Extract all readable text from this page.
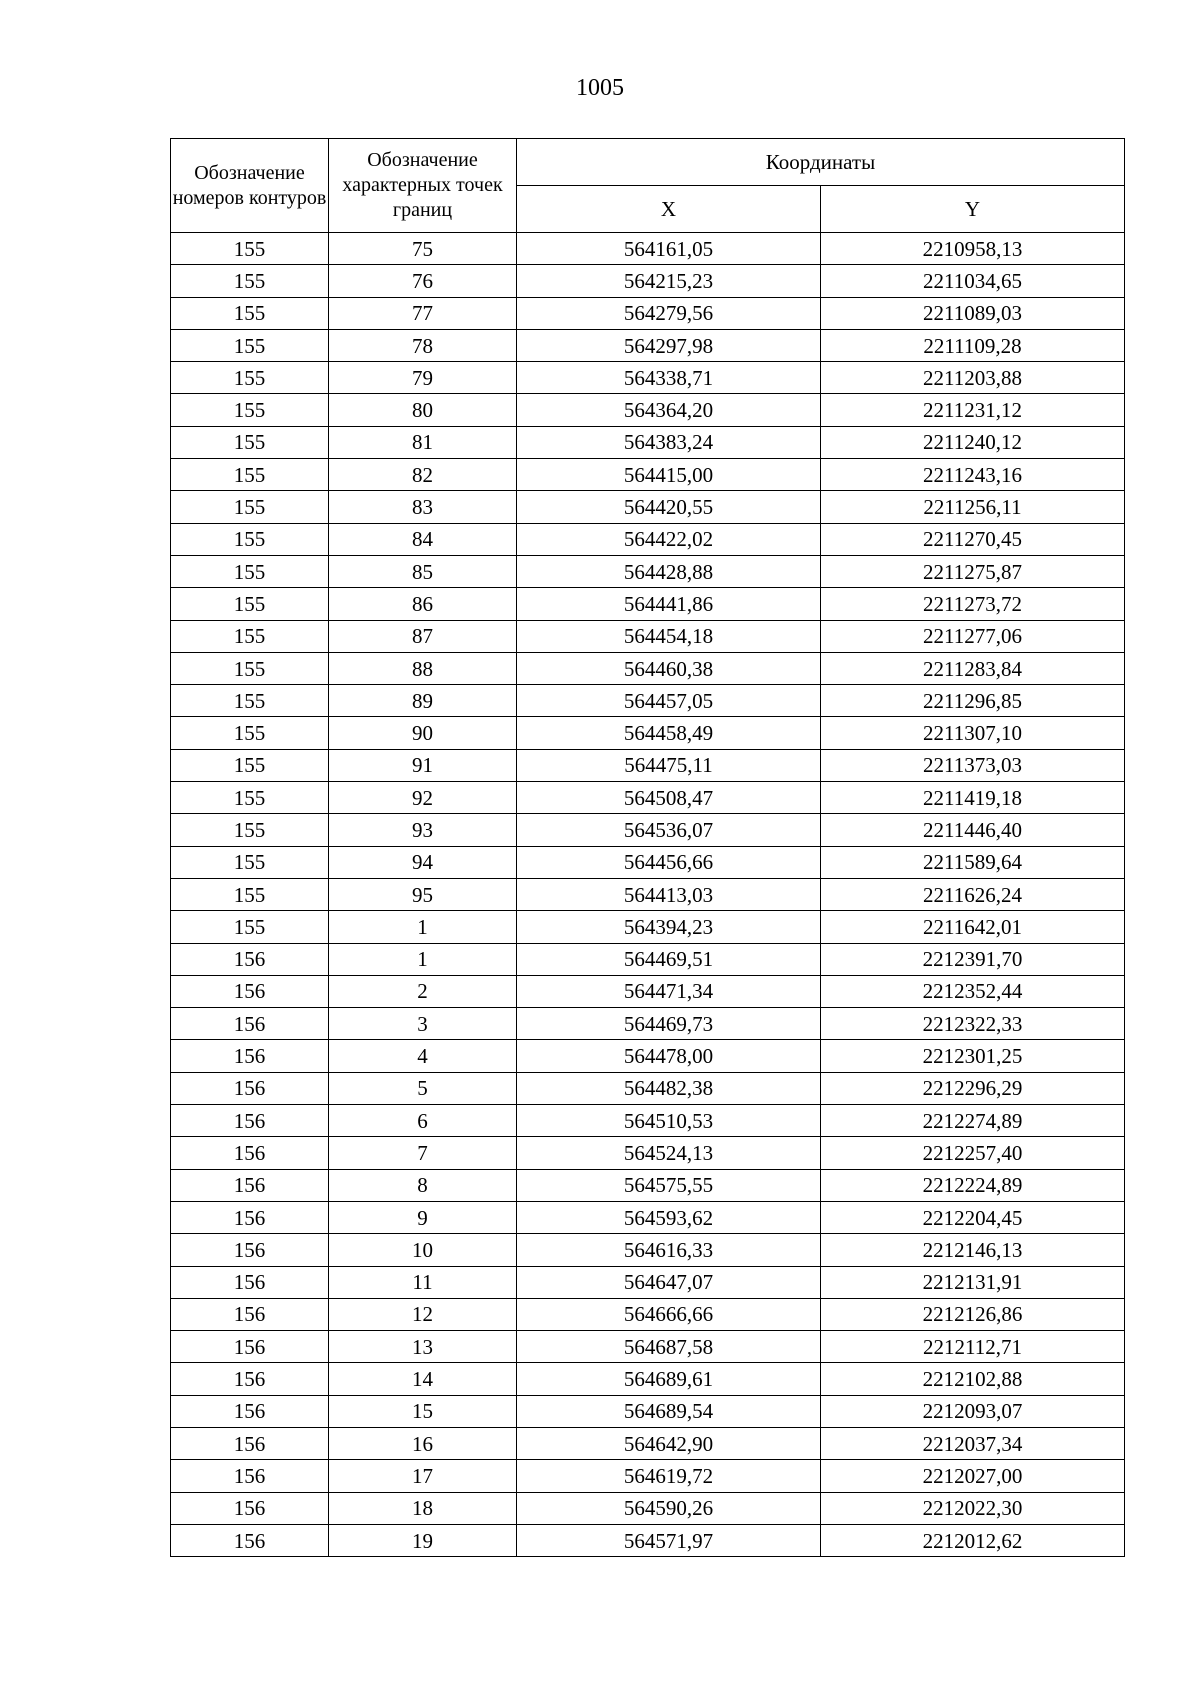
1005
Обозначение номеров контуров	Обозначение характерных точек границ	Координаты	
		X	Y
155	75	564161,05	2210958,13
155	76	564215,23	2211034,65
155	77	564279,56	2211089,03
155	78	564297,98	2211109,28
155	79	564338,71	2211203,88
155	80	564364,20	2211231,12
155	81	564383,24	2211240,12
155	82	564415,00	2211243,16
155	83	564420,55	2211256,11
155	84	564422,02	2211270,45
155	85	564428,88	2211275,87
155	86	564441,86	2211273,72
155	87	564454,18	2211277,06
155	88	564460,38	2211283,84
155	89	564457,05	2211296,85
155	90	564458,49	2211307,10
155	91	564475,11	2211373,03
155	92	564508,47	2211419,18
155	93	564536,07	2211446,40
155	94	564456,66	2211589,64
155	95	564413,03	2211626,24
155	1	564394,23	2211642,01
156	1	564469,51	2212391,70
156	2	564471,34	2212352,44
156	3	564469,73	2212322,33
156	4	564478,00	2212301,25
156	5	564482,38	2212296,29
156	6	564510,53	2212274,89
156	7	564524,13	2212257,40
156	8	564575,55	2212224,89
156	9	564593,62	2212204,45
156	10	564616,33	2212146,13
156	11	564647,07	2212131,91
156	12	564666,66	2212126,86
156	13	564687,58	2212112,71
156	14	564689,61	2212102,88
156	15	564689,54	2212093,07
156	16	564642,90	2212037,34
156	17	564619,72	2212027,00
156	18	564590,26	2212022,30
156	19	564571,97	2212012,62
